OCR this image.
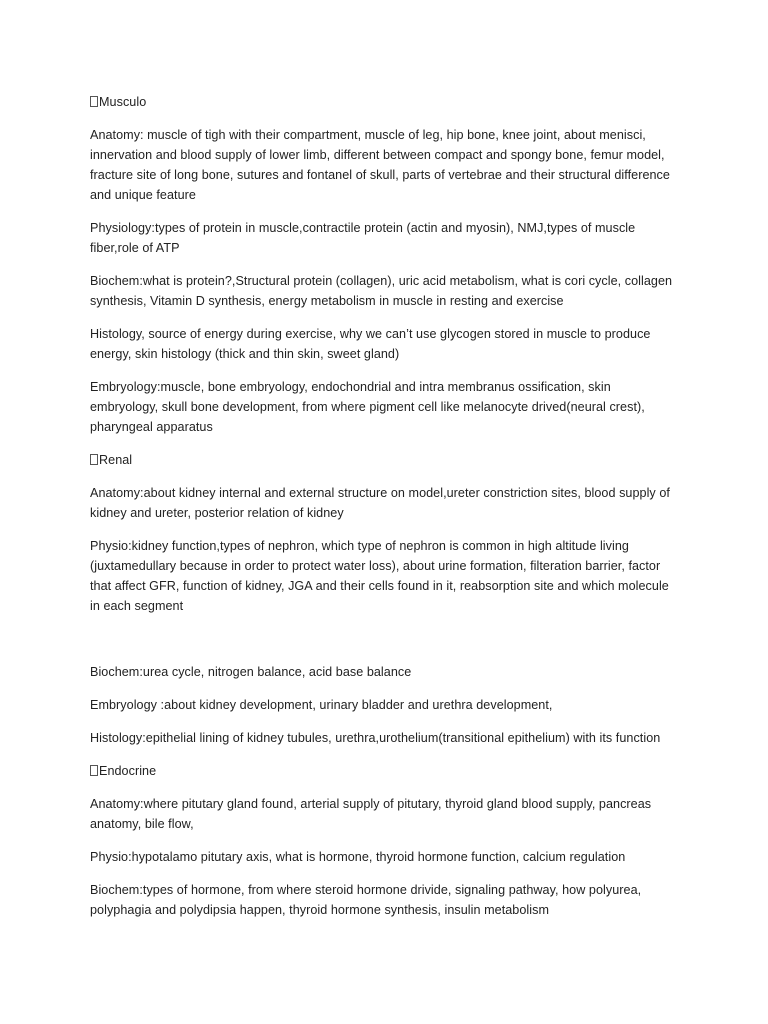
Musculo

Anatomy: muscle of tigh with their compartment, muscle of leg, hip bone, knee joint, about menisci, innervation and blood supply of lower limb, different between compact and spongy bone, femur model, fracture site of long bone, sutures and fontanel of skull, parts of vertebrae and their structural difference and unique feature

Physiology:types of protein in muscle,contractile protein (actin and myosin), NMJ,types of muscle fiber,role of ATP

Biochem:what is protein?,Structural protein (collagen), uric acid metabolism, what is cori cycle, collagen synthesis, Vitamin D synthesis, energy metabolism in muscle in resting and exercise

Histology, source of energy during exercise, why we can’t use glycogen stored in muscle to produce energy, skin histology (thick and thin skin, sweet gland)

Embryology:muscle, bone embryology, endochondrial and intra membranus ossification, skin embryology, skull bone development, from where pigment cell like melanocyte drived(neural crest), pharyngeal apparatus

Renal

Anatomy:about kidney internal and external structure on model,ureter constriction sites, blood supply of kidney and ureter, posterior relation of kidney

Physio:kidney function,types of nephron, which type of nephron is common in high altitude living (juxtamedullary because in order to protect water loss), about urine formation, filteration barrier, factor that affect GFR, function of kidney, JGA and their cells found in it, reabsorption site and which molecule in each segment

Biochem:urea cycle, nitrogen balance, acid base balance

Embryology :about kidney development, urinary bladder and urethra development,

Histology:epithelial lining of kidney tubules, urethra,urothelium(transitional epithelium) with its function

Endocrine

Anatomy:where pitutary gland found, arterial supply of pitutary, thyroid gland blood supply, pancreas anatomy, bile flow,

Physio:hypotalamo pitutary axis, what is hormone, thyroid hormone function, calcium regulation

Biochem:types of hormone, from where steroid hormone drivide, signaling pathway, how polyurea, polyphagia and polydipsia happen, thyroid hormone synthesis, insulin metabolism
